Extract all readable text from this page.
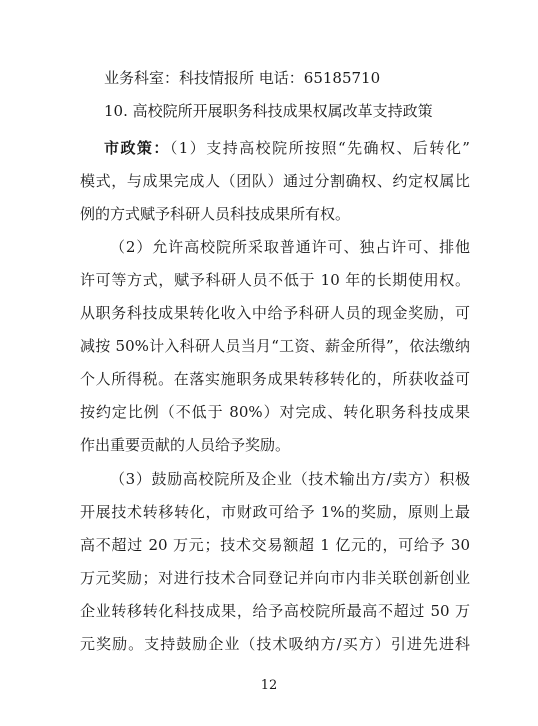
业务科室：科技情报所 电话：65185710
10. 高校院所开展职务科技成果权属改革支持政策
市政策：（1）支持高校院所按照“先确权、后转化”
模式，与成果完成人（团队）通过分割确权、约定权属比
例的方式赋予科研人员科技成果所有权。
（2）允许高校院所采取普通许可、独占许可、排他
许可等方式，赋予科研人员不低于 10 年的长期使用权。
从职务科技成果转化收入中给予科研人员的现金奖励，可
减按 50%计入科研人员当月“工资、薪金所得”，依法缴纳
个人所得税。在落实施职务成果转移转化的，所获收益可
按约定比例（不低于 80%）对完成、转化职务科技成果
作出重要贡献的人员给予奖励。
（3）鼓励高校院所及企业（技术输出方/卖方）积极
开展技术转移转化，市财政可给予 1%的奖励，原则上最
高不超过 20 万元；技术交易额超 1 亿元的，可给予 30
万元奖励；对进行技术合同登记并向市内非关联创新创业
企业转移转化科技成果，给予高校院所最高不超过 50 万
元奖励。支持鼓励企业（技术吸纳方/买方）引进先进科
12
